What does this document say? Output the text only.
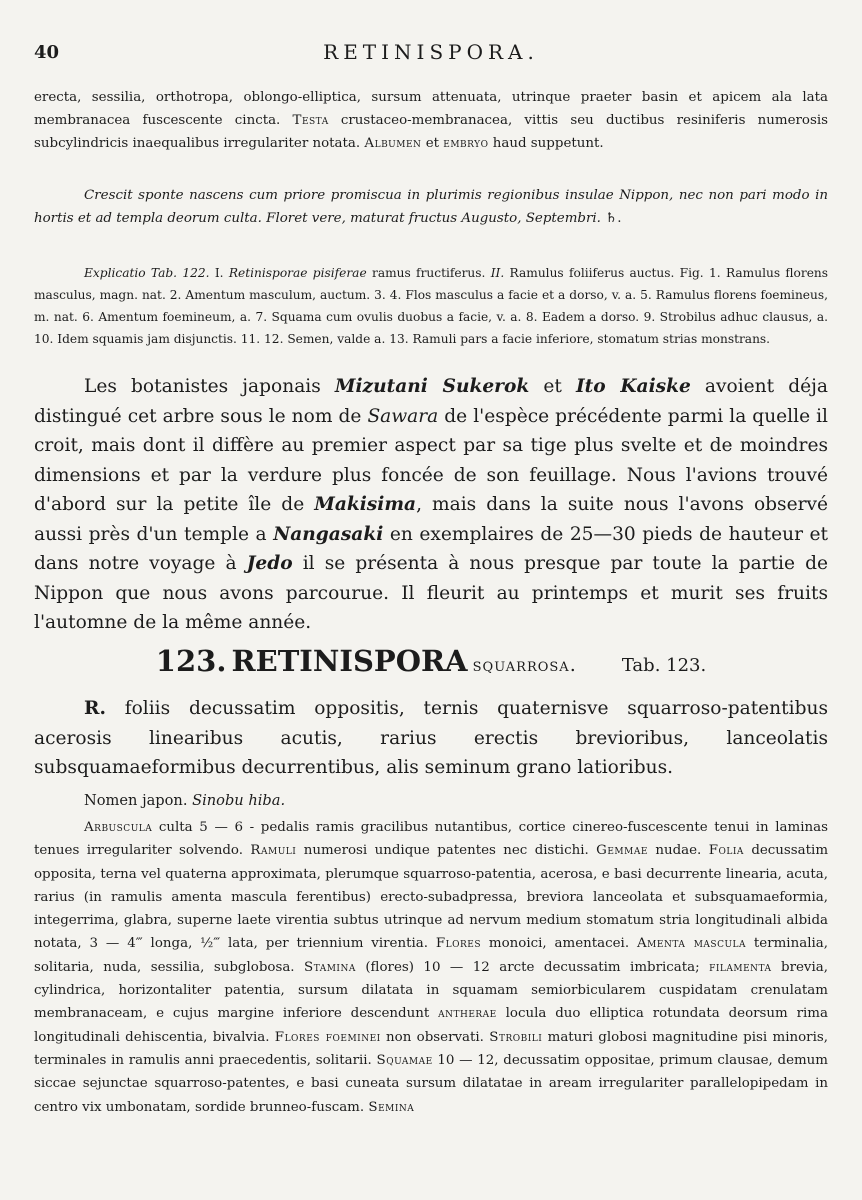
40	RETINISPORA.
erecta, sessilia, orthotropa, oblongo-elliptica, sursum attenuata, utrinque praeter basin et apicem ala lata membranacea fuscescente cincta. Testa crustaceo-membranacea, vittis seu ductibus resiniferis numerosis subcylindricis inaequalibus irregulariter notata. Albumen et embryo haud suppetunt.
Crescit sponte nascens cum priore promiscua in plurimis regionibus insulae Nippon, nec non pari modo in hortis et ad templa deorum culta. Floret vere, maturat fructus Augusto, Septembri. ♄.
Explicatio Tab. 122. I. Retinisporae pisiferae ramus fructiferus. II. Ramulus foliiferus auctus. Fig. 1. Ramulus florens masculus, magn. nat. 2. Amentum masculum, auctum. 3. 4. Flos masculus a facie et a dorso, v. a. 5. Ramulus florens foemineus, m. nat. 6. Amentum foemineum, a. 7. Squama cum ovulis duobus a facie, v. a. 8. Eadem a dorso. 9. Strobilus adhuc clausus, a. 10. Idem squamis jam disjunctis. 11. 12. Semen, valde a. 13. Ramuli pars a facie inferiore, stomatum strias monstrans.
Les botanistes japonais Mizutani Sukerok et Ito Kaiske avoient déja distingué cet arbre sous le nom de Sawara de l'espèce précédente parmi la quelle il croit, mais dont il diffère au premier aspect par sa tige plus svelte et de moindres dimensions et par la verdure plus foncée de son feuillage. Nous l'avions trouvé d'abord sur la petite île de Makisima, mais dans la suite nous l'avons observé aussi près d'un temple a Nangasaki en exemplaires de 25—30 pieds de hauteur et dans notre voyage à Jedo il se présenta à nous presque par toute la partie de Nippon que nous avons parcourue. Il fleurit au printemps et murit ses fruits l'automne de la même année.
123. RETINISPORA squarrosa.	Tab. 123.
R. foliis decussatim oppositis, ternis quaternisve squarroso-patentibus acerosis linearibus acutis, rarius erectis brevioribus, lanceolatis subsquamaeformibus decurrentibus, alis seminum grano latioribus.
Nomen japon. Sinobu hiba.
Arbuscula culta 5 — 6 - pedalis ramis gracilibus nutantibus, cortice cinereo-fuscescente tenui in laminas tenues irregulariter solvendo. Ramuli numerosi undique patentes nec distichi. Gemmae nudae. Folia decussatim opposita, terna vel quaterna approximata, plerumque squarroso-patentia, acerosa, e basi decurrente linearia, acuta, rarius (in ramulis amenta mascula ferentibus) erecto-subadpressa, breviora lanceolata et subsquamaeformia, integerrima, glabra, superne laete virentia subtus utrinque ad nervum medium stomatum stria longitudinali albida notata, 3 — 4‴ longa, ½‴ lata, per triennium virentia. Flores monoici, amentacei. Amenta mascula terminalia, solitaria, nuda, sessilia, subglobosa. Stamina (flores) 10 — 12 arcte decussatim imbricata; filamenta brevia, cylindrica, horizontaliter patentia, sursum dilatata in squamam semiorbicularem cuspidatam crenulatam membranaceam, e cujus margine inferiore descendunt antherae locula duo elliptica rotundata deorsum rima longitudinali dehiscentia, bivalvia. Flores foeminei non observati. Strobili maturi globosi magnitudine pisi minoris, terminales in ramulis anni praecedentis, solitarii. Squamae 10 — 12, decussatim oppositae, primum clausae, demum siccae sejunctae squarroso-patentes, e basi cuneata sursum dilatatae in aream irregulariter parallelopipedam in centro vix umbonatam, sordide brunneo-fuscam. Semina
